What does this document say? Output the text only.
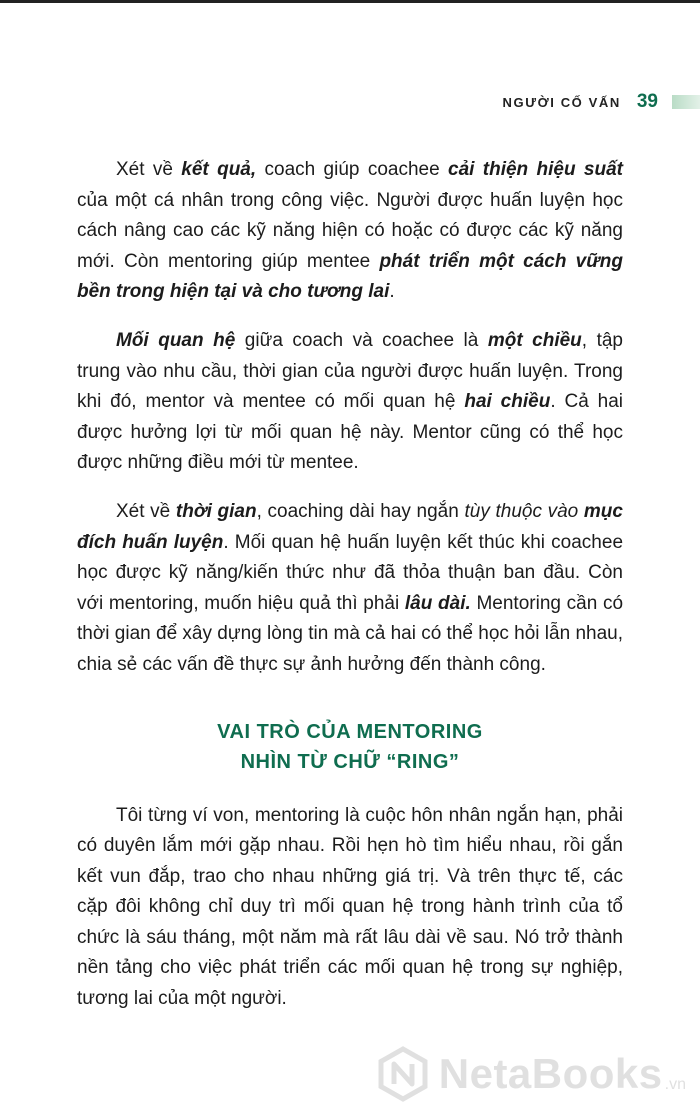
NGƯỜI CỐ VẤN 39

Xét về kết quả, coach giúp coachee cải thiện hiệu suất của một cá nhân trong công việc. Người được huấn luyện học cách nâng cao các kỹ năng hiện có hoặc có được các kỹ năng mới. Còn mentoring giúp mentee phát triển một cách vững bền trong hiện tại và cho tương lai.

Mối quan hệ giữa coach và coachee là một chiều, tập trung vào nhu cầu, thời gian của người được huấn luyện. Trong khi đó, mentor và mentee có mối quan hệ hai chiều. Cả hai được hưởng lợi từ mối quan hệ này. Mentor cũng có thể học được những điều mới từ mentee.

Xét về thời gian, coaching dài hay ngắn tùy thuộc vào mục đích huấn luyện. Mối quan hệ huấn luyện kết thúc khi coachee học được kỹ năng/kiến thức như đã thỏa thuận ban đầu. Còn với mentoring, muốn hiệu quả thì phải lâu dài. Mentoring cần có thời gian để xây dựng lòng tin mà cả hai có thể học hỏi lẫn nhau, chia sẻ các vấn đề thực sự ảnh hưởng đến thành công.

VAI TRÒ CỦA MENTORING
NHÌN TỪ CHỮ “RING”

Tôi từng ví von, mentoring là cuộc hôn nhân ngắn hạn, phải có duyên lắm mới gặp nhau. Rồi hẹn hò tìm hiểu nhau, rồi gắn kết vun đắp, trao cho nhau những giá trị. Và trên thực tế, các cặp đôi không chỉ duy trì mối quan hệ trong hành trình của tổ chức là sáu tháng, một năm mà rất lâu dài về sau. Nó trở thành nền tảng cho việc phát triển các mối quan hệ trong sự nghiệp, tương lai của một người.

NetaBooks .vn
